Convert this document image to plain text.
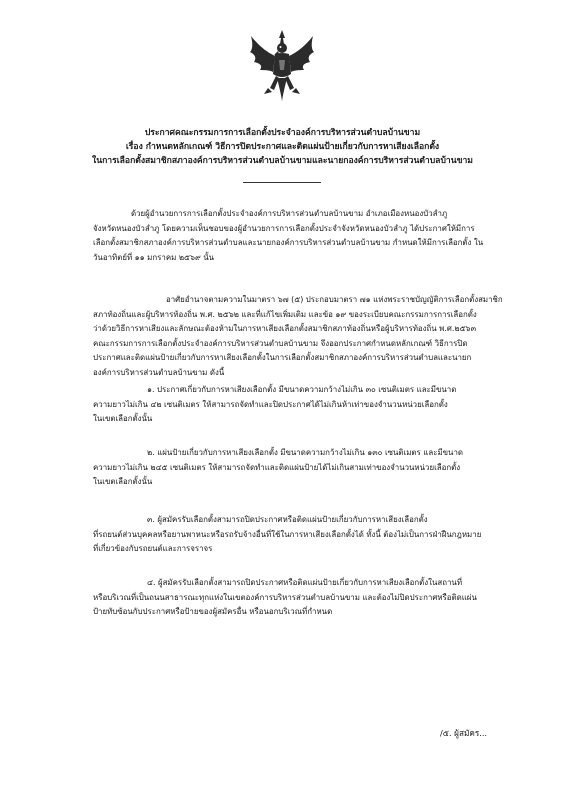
ประกาศคณะกรรมการการเลือกตั้งประจำองค์การบริหารส่วนตำบลบ้านขาม
เรื่อง กำหนดหลักเกณฑ์ วิธีการปิดประกาศและติดแผ่นป้ายเกี่ยวกับการหาเสียงเลือกตั้ง
ในการเลือกตั้งสมาชิกสภาองค์การบริหารส่วนตำบลบ้านขามและนายกองค์การบริหารส่วนตำบลบ้านขาม
ด้วยผู้อำนวยการการเลือกตั้งประจำองค์การบริหารส่วนตำบลบ้านขาม อำเภอเมืองหนองบัวลำภู
จังหวัดหนองบัวลำภู โดยความเห็นชอบของผู้อำนวยการการเลือกตั้งประจำจังหวัดหนองบัวลำภู ได้ประกาศให้มีการ
เลือกตั้งสมาชิกสภาองค์การบริหารส่วนตำบลและนายกองค์การบริหารส่วนตำบลบ้านขาม กำหนดให้มีการเลือกตั้ง ใน
วันอาทิตย์ที่ ๑๑ มกราคม ๒๕๖๙ นั้น
อาศัยอำนาจตามความในมาตรา ๖๗ (๕) ประกอบมาตรา ๗๑ แห่งพระราชบัญญัติการเลือกตั้งสมาชิก
สภาท้องถิ่นและผู้บริหารท้องถิ่น พ.ศ. ๒๕๖๒ และที่แก้ไขเพิ่มเติม และข้อ ๑๙ ของระเบียบคณะกรรมการการเลือกตั้ง
ว่าด้วยวิธีการหาเสียงและลักษณะต้องห้ามในการหาเสียงเลือกตั้งสมาชิกสภาท้องถิ่นหรือผู้บริหารท้องถิ่น พ.ศ.๒๕๖๓
คณะกรรมการการเลือกตั้งประจำองค์การบริหารส่วนตำบลบ้านขาม จึงออกประกาศกำหนดหลักเกณฑ์ วิธีการปิด
ประกาศและติดแผ่นป้ายเกี่ยวกับการหาเสียงเลือกตั้งในการเลือกตั้งสมาชิกสภาองค์การบริหารส่วนตำบลและนายก
องค์การบริหารส่วนตำบลบ้านขาม ดังนี้
๑. ประกาศเกี่ยวกับการหาเสียงเลือกตั้ง มีขนาดความกว้างไม่เกิน ๓๐ เซนติเมตร และมีขนาด
ความยาวไม่เกิน ๔๒ เซนติเมตร ให้สามารถจัดทำและปิดประกาศได้ไม่เกินห้าเท่าของจำนวนหน่วยเลือกตั้ง
ในเขตเลือกตั้งนั้น
๒. แผ่นป้ายเกี่ยวกับการหาเสียงเลือกตั้ง มีขนาดความกว้างไม่เกิน ๑๓๐ เซนติเมตร และมีขนาด
ความยาวไม่เกิน ๒๔๕ เซนติเมตร ให้สามารถจัดทำและติดแผ่นป้ายได้ไม่เกินสามเท่าของจำนวนหน่วยเลือกตั้ง
ในเขตเลือกตั้งนั้น
๓. ผู้สมัครรับเลือกตั้งสามารถปิดประกาศหรือติดแผ่นป้ายเกี่ยวกับการหาเสียงเลือกตั้ง
ที่รถยนต์ส่วนบุคคลหรือยานพาหนะหรือรถรับจ้างอื่นที่ใช้ในการหาเสียงเลือกตั้งได้ ทั้งนี้ ต้องไม่เป็นการฝ่าฝืนกฎหมาย
ที่เกี่ยวข้องกับรถยนต์และการจราจร
๔. ผู้สมัครรับเลือกตั้งสามารถปิดประกาศหรือติดแผ่นป้ายเกี่ยวกับการหาเสียงเลือกตั้งในสถานที่
หรือบริเวณที่เป็นถนนสาธารณะทุกแห่งในเขตองค์การบริหารส่วนตำบลบ้านขาม และต้องไม่ปิดประกาศหรือติดแผ่น
ป้ายทับซ้อนกับประกาศหรือป้ายของผู้สมัครอื่น หรือนอกบริเวณที่กำหนด
/๕. ผู้สมัคร...
